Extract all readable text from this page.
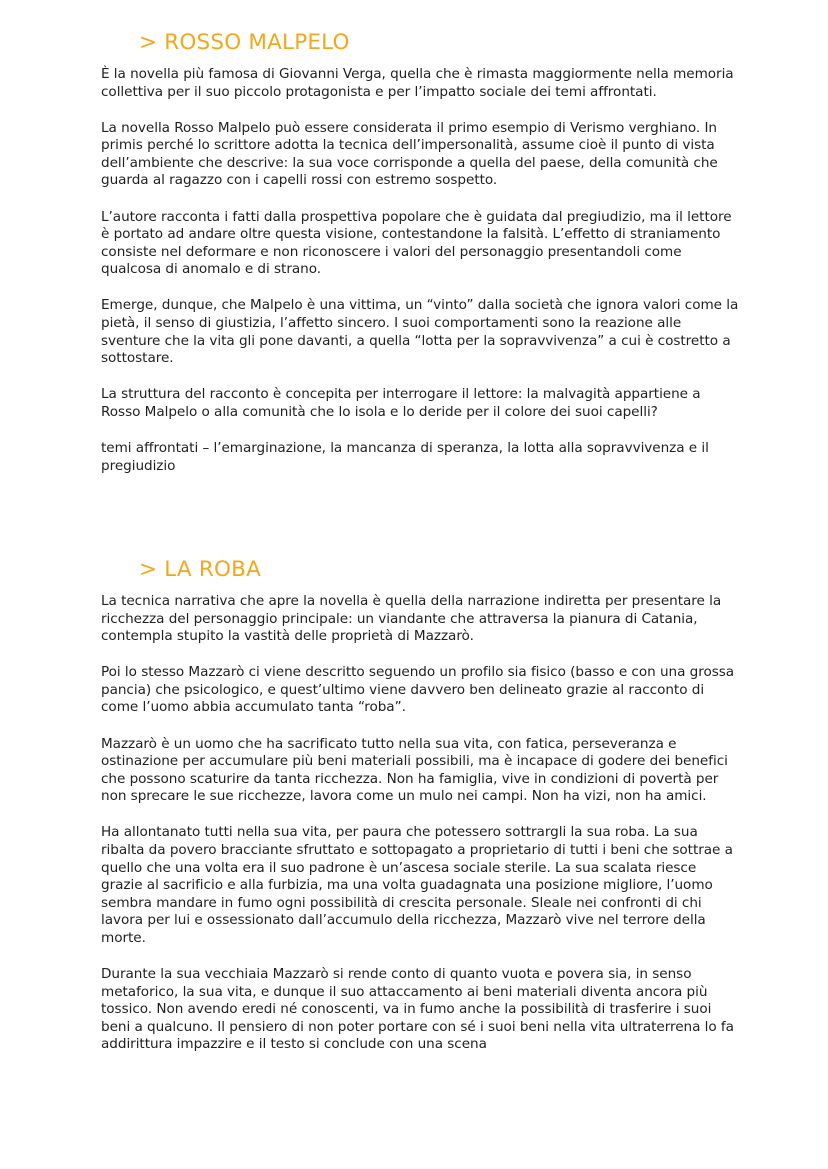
> ROSSO MALPELO

È la novella più famosa di Giovanni Verga, quella che è rimasta maggiormente nella memoria collettiva per il suo piccolo protagonista e per l’impatto sociale dei temi affrontati.

La novella Rosso Malpelo può essere considerata il primo esempio di Verismo verghiano. In primis perché lo scrittore adotta la tecnica dell’impersonalità, assume cioè il punto di vista dell’ambiente che descrive: la sua voce corrisponde a quella del paese, della comunità che guarda al ragazzo con i capelli rossi con estremo sospetto.

L’autore racconta i fatti dalla prospettiva popolare che è guidata dal pregiudizio, ma il lettore è portato ad andare oltre questa visione, contestandone la falsità. L’effetto di straniamento consiste nel deformare e non riconoscere i valori del personaggio presentandoli come qualcosa di anomalo e di strano.

Emerge, dunque, che Malpelo è una vittima, un “vinto” dalla società che ignora valori come la pietà, il senso di giustizia, l’affetto sincero. I suoi comportamenti sono la reazione alle sventure che la vita gli pone davanti, a quella “lotta per la sopravvivenza” a cui è costretto a sottostare.

La struttura del racconto è concepita per interrogare il lettore: la malvagità appartiene a Rosso Malpelo o alla comunità che lo isola e lo deride per il colore dei suoi capelli?

temi affrontati – l’emarginazione, la mancanza di speranza, la lotta alla sopravvivenza e il pregiudizio

> LA ROBA

La tecnica narrativa che apre la novella è quella della narrazione indiretta per presentare la ricchezza del personaggio principale: un viandante che attraversa la pianura di Catania, contempla stupito la vastità delle proprietà di Mazzarò.

Poi lo stesso Mazzarò ci viene descritto seguendo un profilo sia fisico (basso e con una grossa pancia) che psicologico, e quest’ultimo viene davvero ben delineato grazie al racconto di come l’uomo abbia accumulato tanta “roba”.

Mazzarò è un uomo che ha sacrificato tutto nella sua vita, con fatica, perseveranza e ostinazione per accumulare più beni materiali possibili, ma è incapace di godere dei benefici che possono scaturire da tanta ricchezza. Non ha famiglia, vive in condizioni di povertà per non sprecare le sue ricchezze, lavora come un mulo nei campi. Non ha vizi, non ha amici.

Ha allontanato tutti nella sua vita, per paura che potessero sottrargli la sua roba. La sua ribalta da povero bracciante sfruttato e sottopagato a proprietario di tutti i beni che sottrae a quello che una volta era il suo padrone è un’ascesa sociale sterile. La sua scalata riesce grazie al sacrificio e alla furbizia, ma una volta guadagnata una posizione migliore, l’uomo sembra mandare in fumo ogni possibilità di crescita personale. Sleale nei confronti di chi lavora per lui e ossessionato dall’accumulo della ricchezza, Mazzarò vive nel terrore della morte.

Durante la sua vecchiaia Mazzarò si rende conto di quanto vuota e povera sia, in senso metaforico, la sua vita, e dunque il suo attaccamento ai beni materiali diventa ancora più tossico. Non avendo eredi né conoscenti, va in fumo anche la possibilità di trasferire i suoi beni a qualcuno. Il pensiero di non poter portare con sé i suoi beni nella vita ultraterrena lo fa addirittura impazzire e il testo si conclude con una scena
